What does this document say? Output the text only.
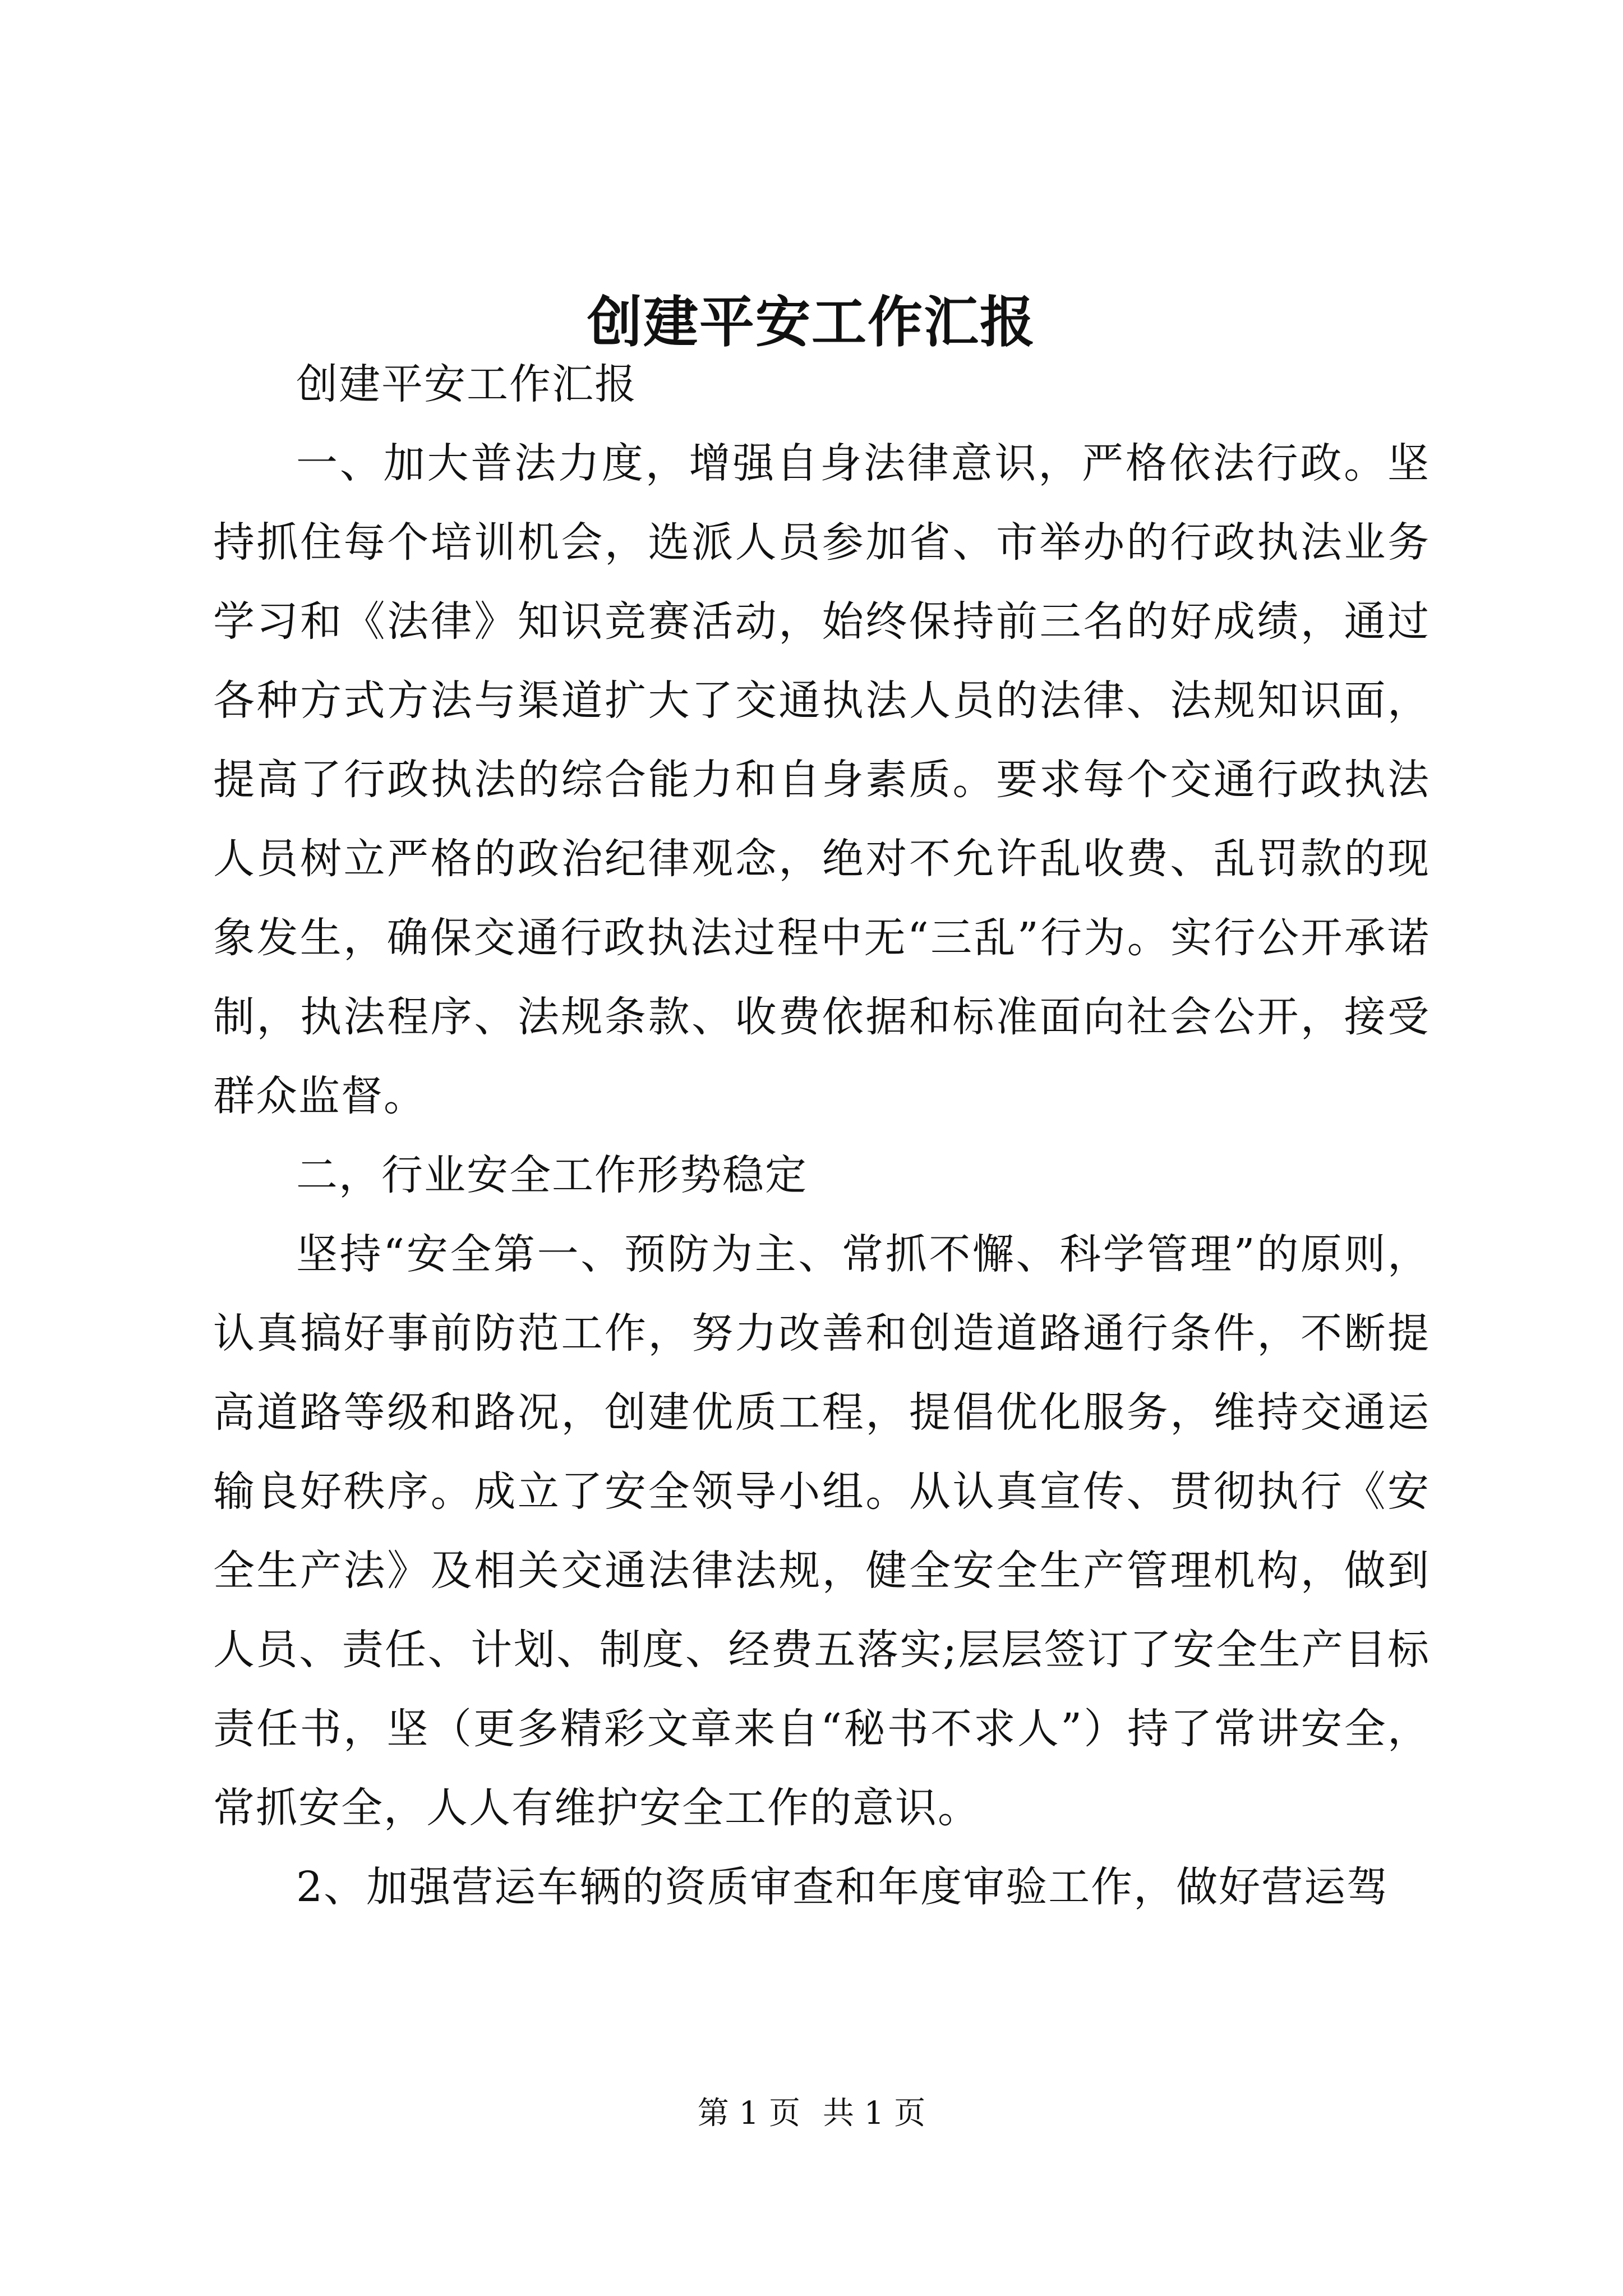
创建平安工作汇报

创建平安工作汇报

一、加大普法力度，增强自身法律意识，严格依法行政。坚持抓住每个培训机会，选派人员参加省、市举办的行政执法业务学习和《法律》知识竞赛活动，始终保持前三名的好成绩，通过各种方式方法与渠道扩大了交通执法人员的法律、法规知识面，提高了行政执法的综合能力和自身素质。要求每个交通行政执法人员树立严格的政治纪律观念，绝对不允许乱收费、乱罚款的现象发生，确保交通行政执法过程中无“三乱”行为。实行公开承诺制，执法程序、法规条款、收费依据和标准面向社会公开，接受群众监督。

二，行业安全工作形势稳定

坚持“安全第一、预防为主、常抓不懈、科学管理”的原则，认真搞好事前防范工作，努力改善和创造道路通行条件，不断提高道路等级和路况，创建优质工程，提倡优化服务，维持交通运输良好秩序。成立了安全领导小组。从认真宣传、贯彻执行《安全生产法》及相关交通法律法规，健全安全生产管理机构，做到人员、责任、计划、制度、经费五落实;层层签订了安全生产目标责任书，坚（更多精彩文章来自“秘书不求人”）持了常讲安全，常抓安全，人人有维护安全工作的意识。

2、加强营运车辆的资质审查和年度审验工作，做好营运驾

第 1 页 共 1 页
